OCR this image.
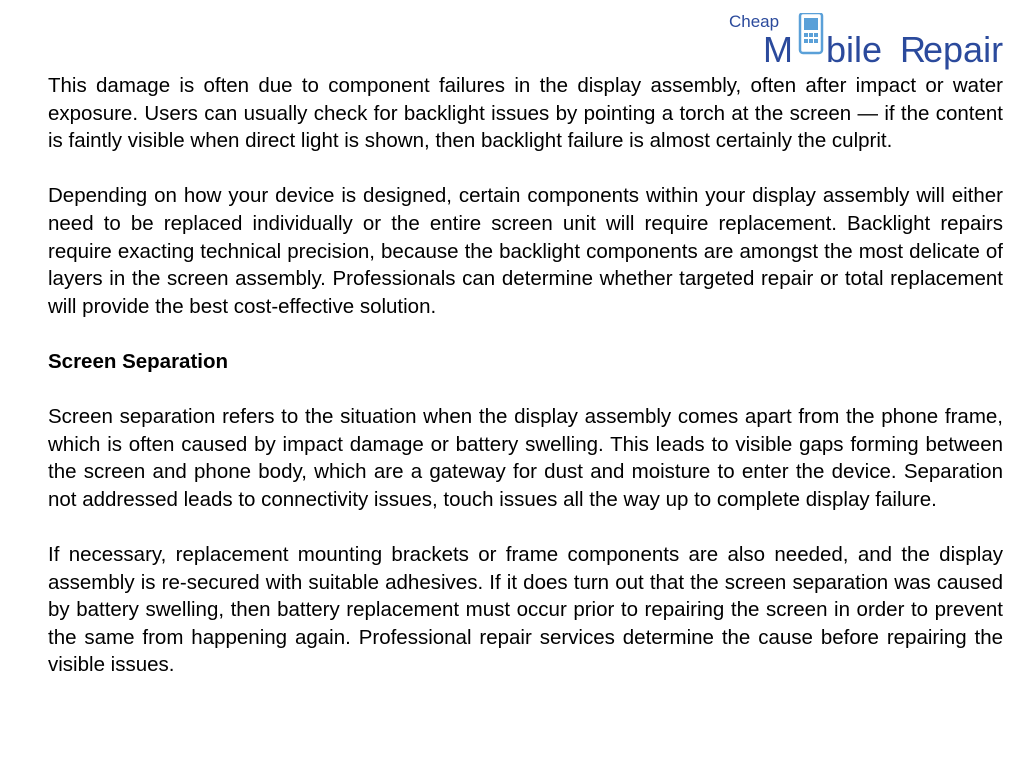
Cheap
M bile R
epair

This damage is often due to component failures in the display assembly, often after impact or water exposure. Users can usually check for backlight issues by pointing a torch at the screen — if the content is faintly visible when direct light is shown, then backlight failure is almost certainly the culprit.

Depending on how your device is designed, certain components within your display assembly will either need to be replaced individually or the entire screen unit will require replacement. Backlight repairs require exacting technical precision, because the backlight components are amongst the most delicate of layers in the screen assembly. Professionals can determine whether targeted repair or total replacement will provide the best cost-effective solution.

Screen Separation

Screen separation refers to the situation when the display assembly comes apart from the phone frame, which is often caused by impact damage or battery swelling. This leads to visible gaps forming between the screen and phone body, which are a gateway for dust and moisture to enter the device. Separation not addressed leads to connectivity issues, touch issues all the way up to complete display failure.

If necessary, replacement mounting brackets or frame components are also needed, and the display assembly is re-secured with suitable adhesives. If it does turn out that the screen separation was caused by battery swelling, then battery replacement must occur prior to repairing the screen in order to prevent the same from happening again. Professional repair services determine the cause before repairing the visible issues.
